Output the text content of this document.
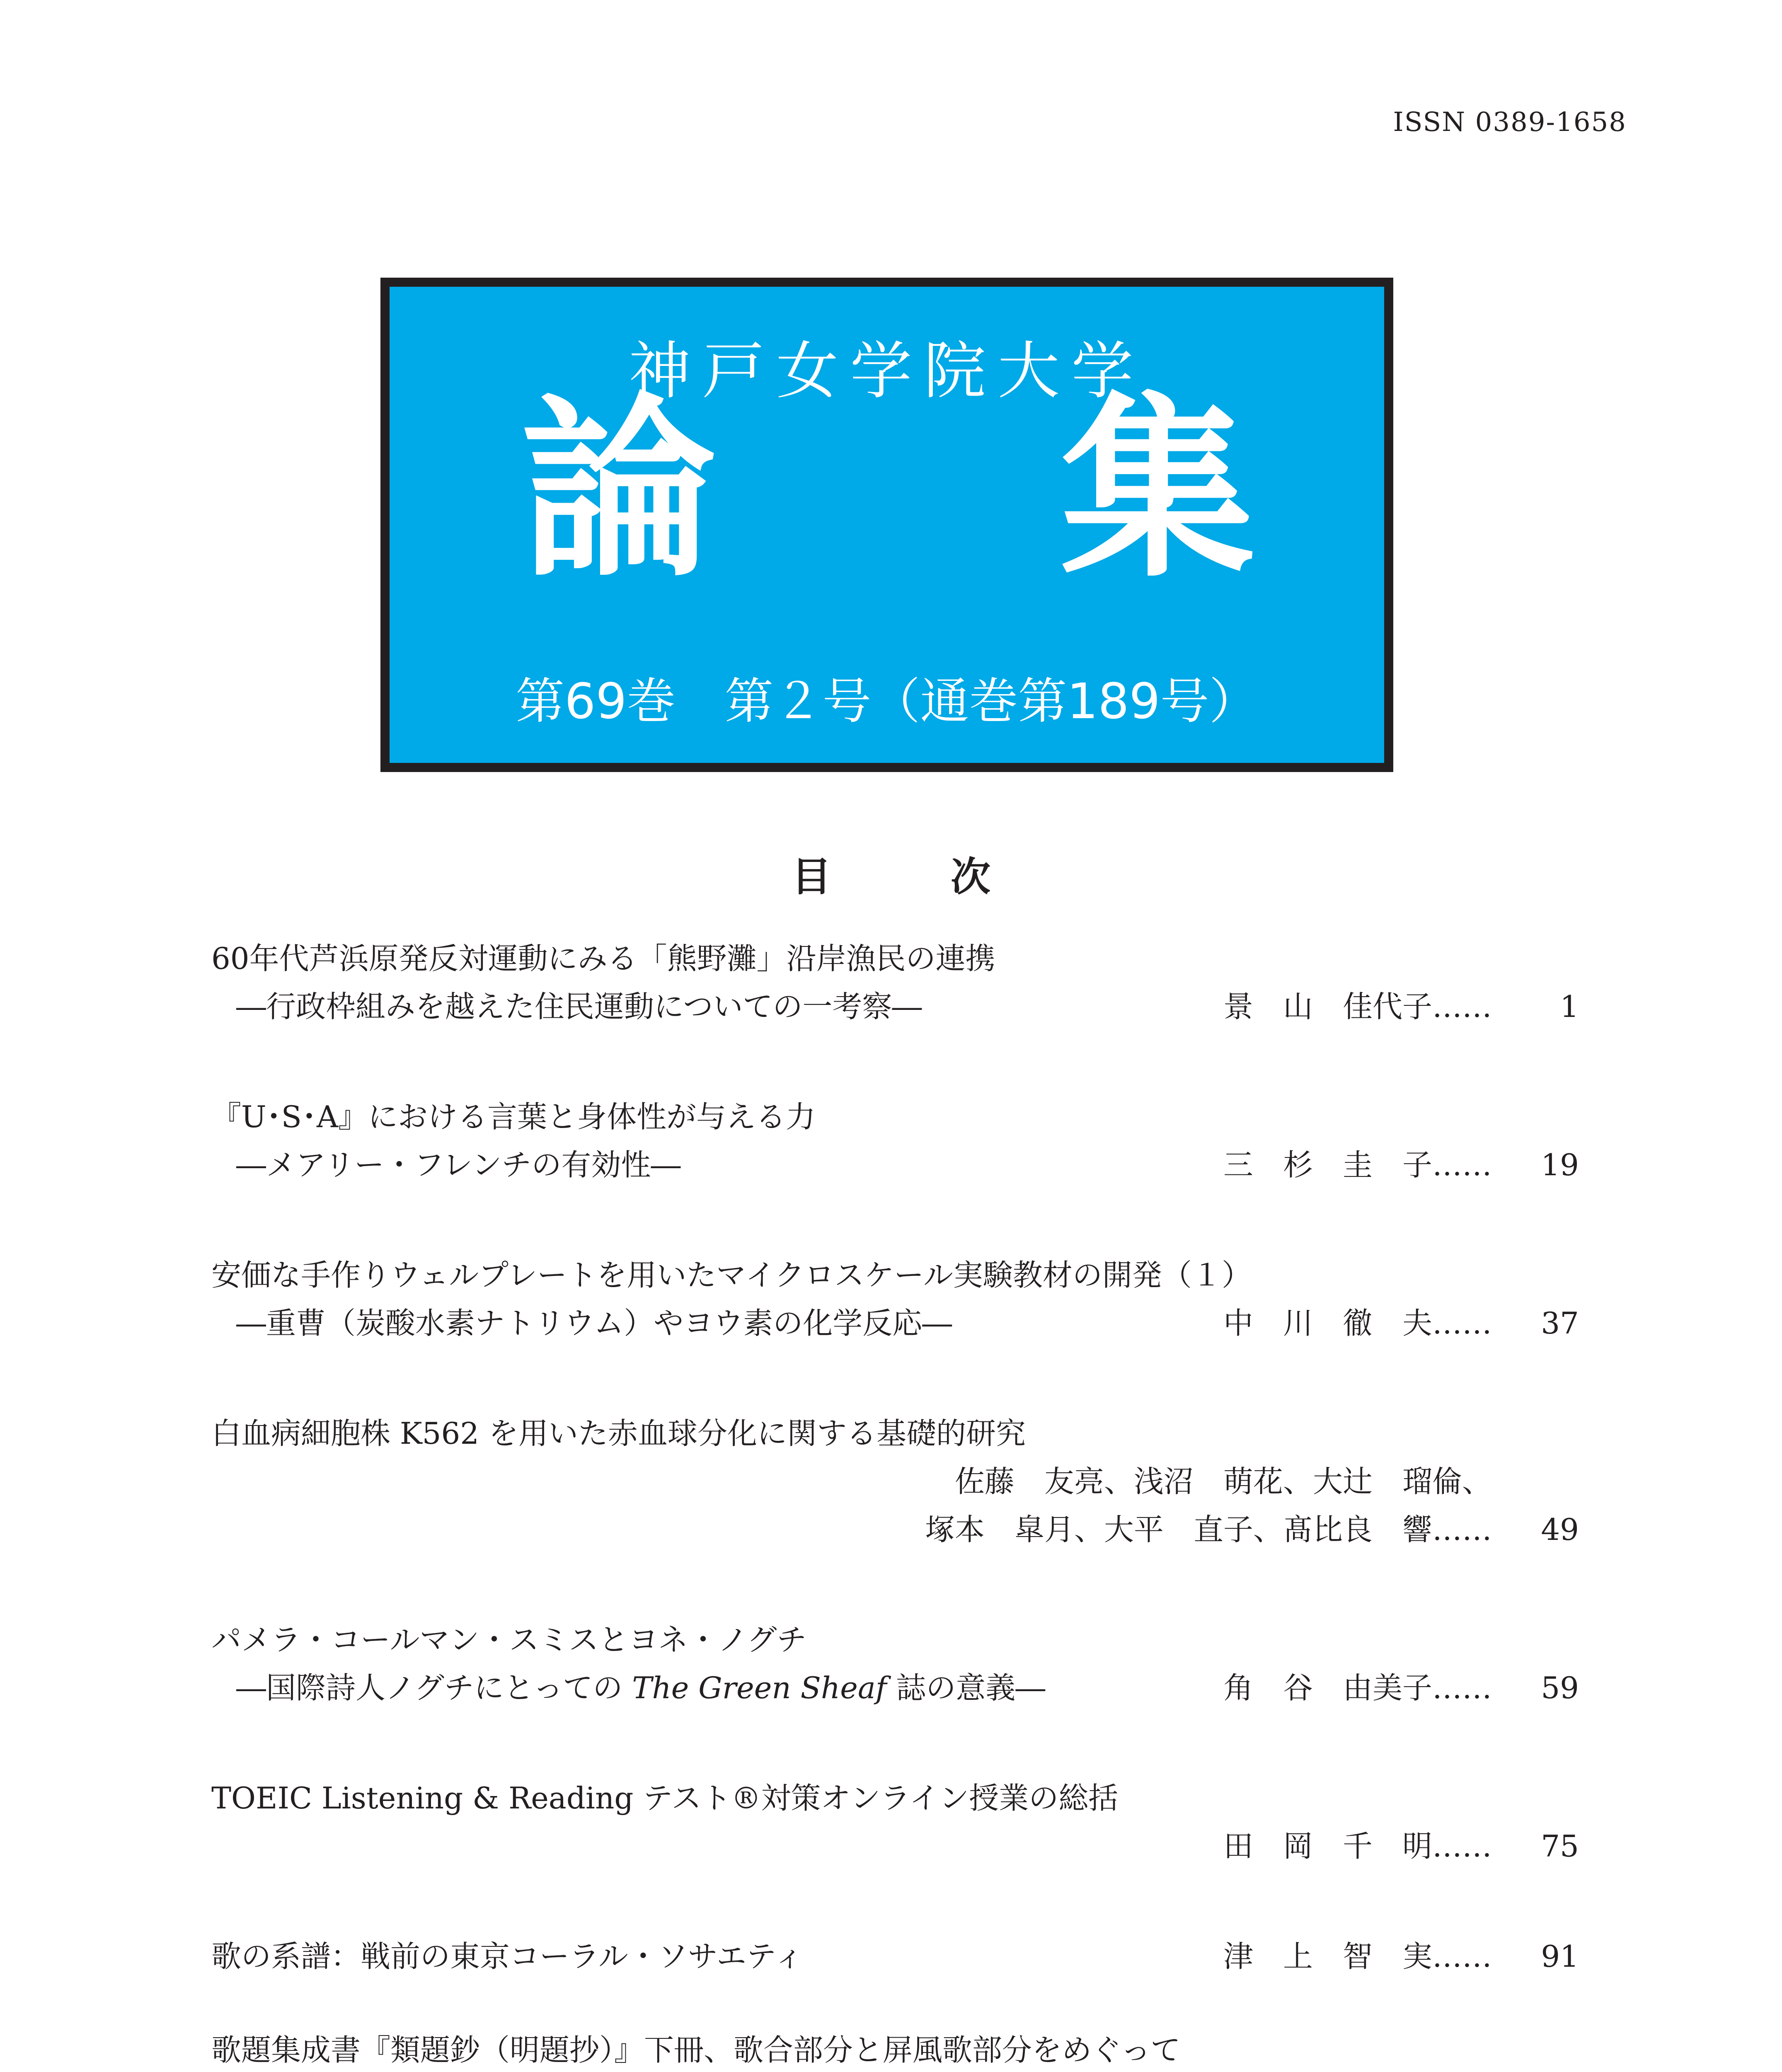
ISSN 0389-1658
神戸女学院大学
論 集
第69巻　第２号（通巻第189号）
目　　　次
60年代芦浜原発反対運動にみる「熊野灘」沿岸漁民の連携
―行政枠組みを越えた住民運動についての一考察―	景　山　佳代子…… 1
『U･S･A』における言葉と身体性が与える力
―メアリー・フレンチの有効性―	三　杉　圭　子…… 19
安価な手作りウェルプレートを用いたマイクロスケール実験教材の開発（１）
―重曹（炭酸水素ナトリウム）やヨウ素の化学反応―	中　川　徹　夫…… 37
白血病細胞株 K562 を用いた赤血球分化に関する基礎的研究
佐藤　友亮、浅沼　萌花、大辻　瑠倫、
塚本　皐月、大平　直子、髙比良　響…… 49
パメラ・コールマン・スミスとヨネ・ノグチ
―国際詩人ノグチにとっての The Green Sheaf 誌の意義―	角　谷　由美子…… 59
TOEIC Listening & Reading テスト®対策オンライン授業の総括
田　岡　千　明…… 75
歌の系譜：戦前の東京コーラル・ソサエティ	津　上　智　実…… 91
歌題集成書『類題鈔（明題抄）』下冊、歌合部分と屏風歌部分をめぐって
